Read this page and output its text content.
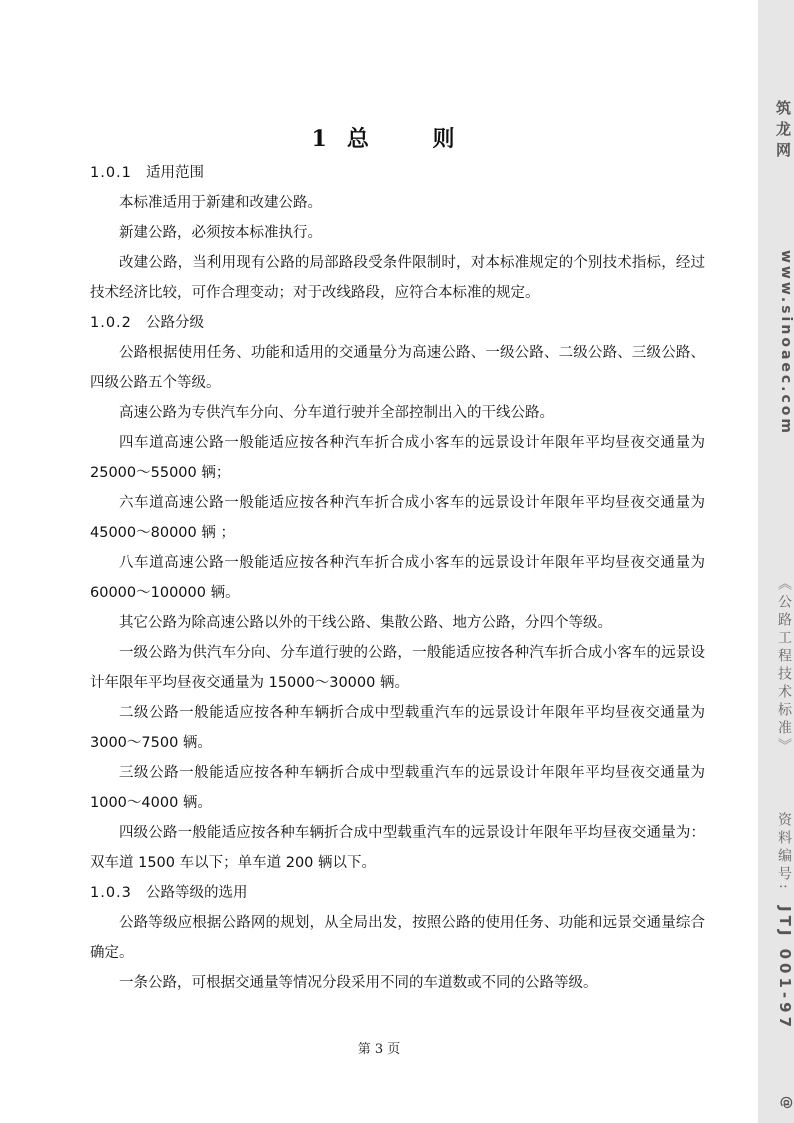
1 总 则

1.0.1 适用范围

本标准适用于新建和改建公路。

新建公路，必须按本标准执行。

改建公路，当利用现有公路的局部路段受条件限制时，对本标准规定的个别技术指标，经过技术经济比较，可作合理变动；对于改线路段，应符合本标准的规定。

1.0.2 公路分级

公路根据使用任务、功能和适用的交通量分为高速公路、一级公路、二级公路、三级公路、四级公路五个等级。

高速公路为专供汽车分向、分车道行驶并全部控制出入的干线公路。

四车道高速公路一般能适应按各种汽车折合成小客车的远景设计年限年平均昼夜交通量为 25000～55000 辆；

六车道高速公路一般能适应按各种汽车折合成小客车的远景设计年限年平均昼夜交通量为 45000～80000 辆 ；

八车道高速公路一般能适应按各种汽车折合成小客车的远景设计年限年平均昼夜交通量为 60000～100000 辆。

其它公路为除高速公路以外的干线公路、集散公路、地方公路，分四个等级。

一级公路为供汽车分向、分车道行驶的公路，一般能适应按各种汽车折合成小客车的远景设计年限年平均昼夜交通量为 15000～30000 辆。

二级公路一般能适应按各种车辆折合成中型载重汽车的远景设计年限年平均昼夜交通量为 3000～7500 辆。

三级公路一般能适应按各种车辆折合成中型载重汽车的远景设计年限年平均昼夜交通量为 1000～4000 辆。

四级公路一般能适应按各种车辆折合成中型载重汽车的远景设计年限年平均昼夜交通量为：双车道 1500 车以下；单车道 200 辆以下。

1.0.3 公路等级的选用

公路等级应根据公路网的规划，从全局出发，按照公路的使用任务、功能和远景交通量综合确定。

一条公路，可根据交通量等情况分段采用不同的车道数或不同的公路等级。

第 3 页
筑龙网
www.sinoaec.com
《公路工程技术标准》
资料编号:
JTJ 001-97
@
